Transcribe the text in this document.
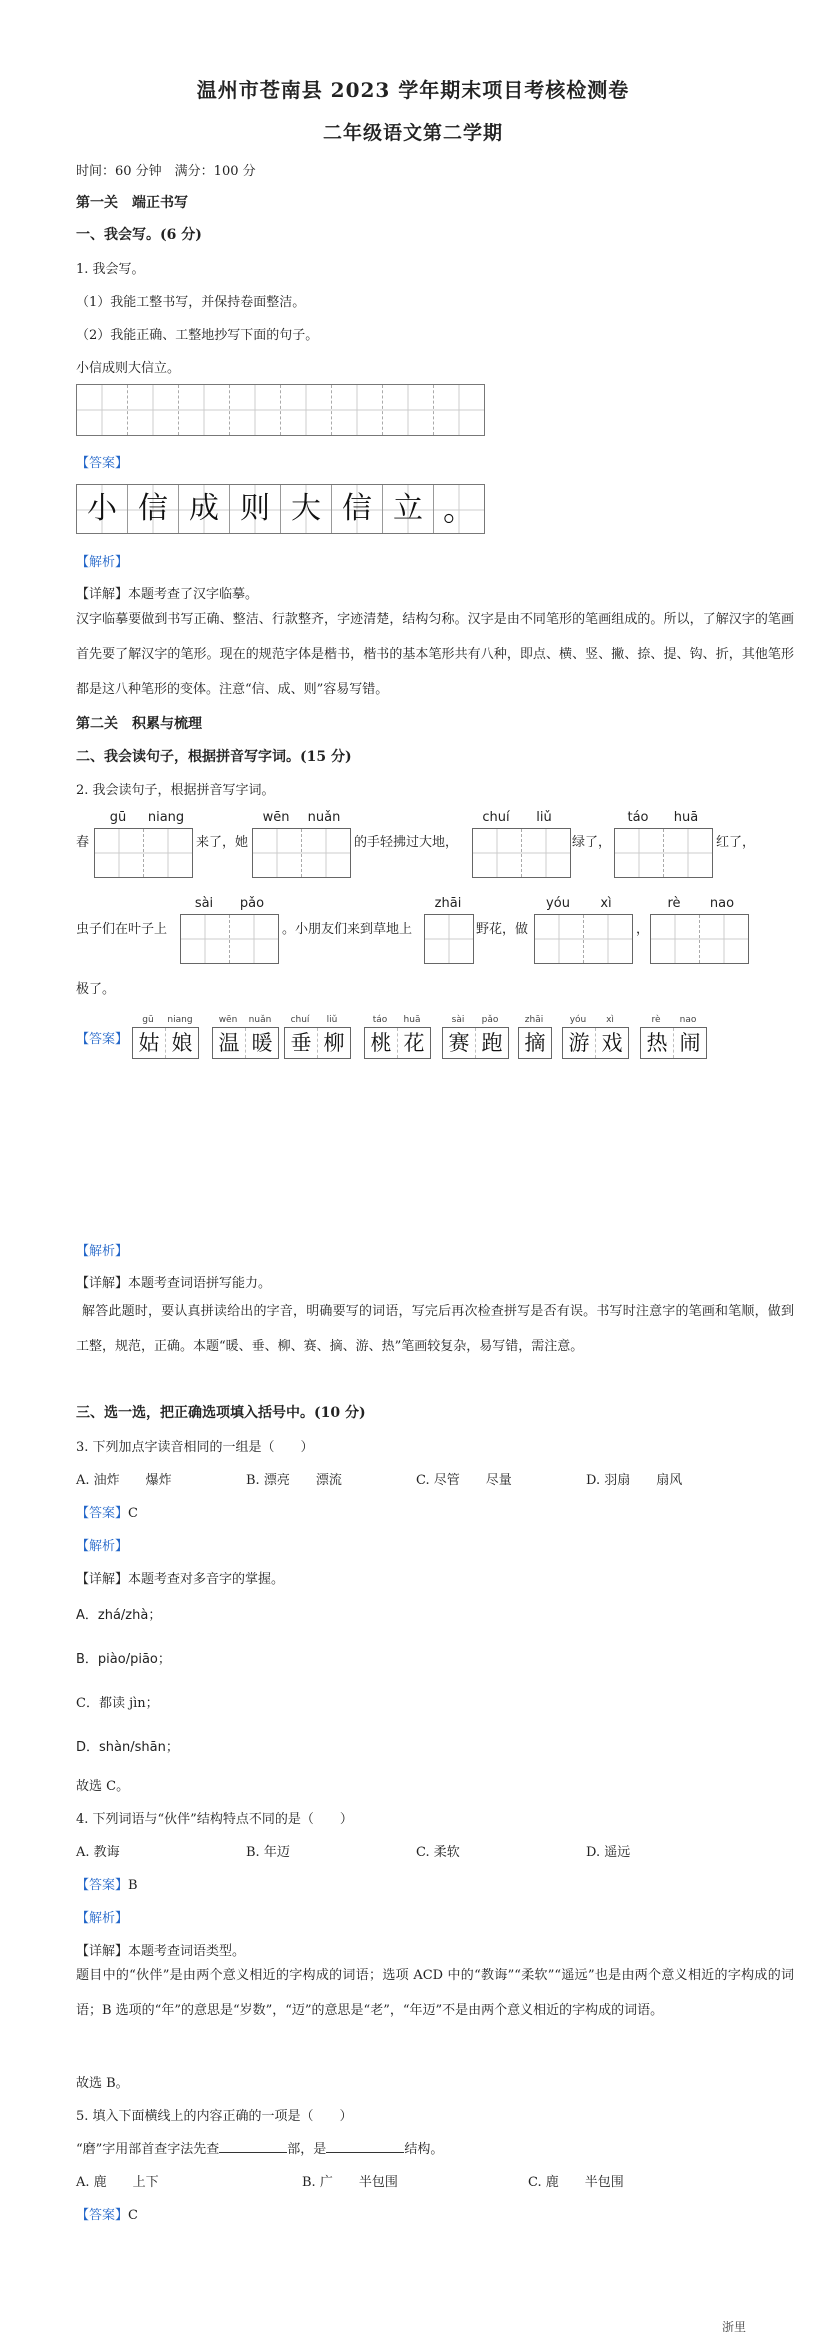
温州市苍南县 2023 学年期末项目考核检测卷
二年级语文第二学期
时间：60 分钟　满分：100 分
第一关　端正书写
一、我会写。(6 分)
1. 我会写。
（1）我能工整书写，并保持卷面整洁。
（2）我能正确、工整地抄写下面的句子。
小信成则大信立。
【答案】
小 信 成 则 大 信 立 。
【解析】
【详解】本题考查了汉字临摹。
汉字临摹要做到书写正确、整洁、行款整齐，字迹清楚，结构匀称。汉字是由不同笔形的笔画组成的。所以，了解汉字的笔画首先要了解汉字的笔形。现在的规范字体是楷书，楷书的基本笔形共有八种，即点、横、竖、撇、捺、提、钩、折，其他笔形都是这八种笔形的变体。注意“信、成、则”容易写错。
第二关　积累与梳理
二、我会读句子，根据拼音写字词。(15 分)
2. 我会读句子，根据拼音写字词。
gū	niang	wēn	nuǎn	chuí	liǔ	táo	huā
春	来了，她	的手轻拂过大地，	绿了，	红了，
sài	pǎo	zhāi	yóu	xì	rè	nao
虫子们在叶子上	。小朋友们来到草地上	野花，做	，
极了。
【答案】
gū	niang
姑 娘
wēn	nuǎn
温 暖
chuí	liǔ
垂 柳
táo	huā
桃 花
sài	pǎo
赛 跑
zhāi
摘
yóu	xì
游 戏
rè	nao
热 闹
【解析】
【详解】本题考查词语拼写能力。
解答此题时，要认真拼读给出的字音，明确要写的词语，写完后再次检查拼写是否有误。书写时注意字的笔画和笔顺，做到工整，规范，正确。本题“暖、垂、柳、赛、摘、游、热”笔画较复杂，易写错，需注意。
三、选一选，把正确选项填入括号中。(10 分)
3. 下列加点字读音相同的一组是（　　）
A. 油炸　　爆炸	B. 漂亮　　漂流	C. 尽管　　尽量	D. 羽扇　　扇风
【答案】C
【解析】
【详解】本题考查对多音字的掌握。
A．zhá/zhà；
B．piào/piāo；
C．都读 jìn；
D．shàn/shān；
故选 C。
4. 下列词语与“伙伴”结构特点不同的是（　　）
A. 教诲	B. 年迈	C. 柔软	D. 遥远
【答案】B
【解析】
【详解】本题考查词语类型。
题目中的“伙伴”是由两个意义相近的字构成的词语；选项 ACD 中的“教诲”“柔软”“遥远”也是由两个意义相近的字构成的词语；B 选项的“年”的意思是“岁数”，“迈”的意思是“老”，“年迈”不是由两个意义相近的字构成的词语。
故选 B。
5. 填入下面横线上的内容正确的一项是（　　）
“磨”字用部首查字法先查	部，是	结构。
A. 鹿　　上下	B. 广　　半包围	C. 鹿　　半包围
【答案】C
浙里
